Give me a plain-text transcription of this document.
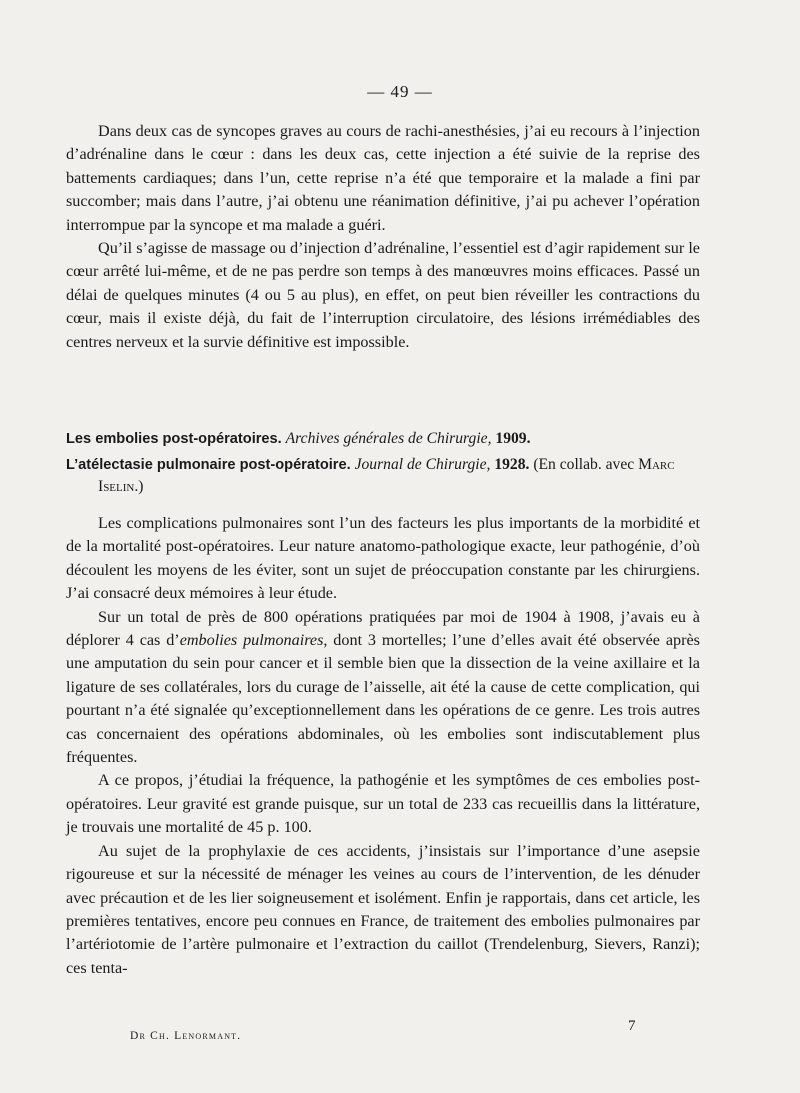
— 49 —

Dans deux cas de syncopes graves au cours de rachi-anesthésies, j’ai eu recours à l’injection d’adrénaline dans le cœur : dans les deux cas, cette injection a été suivie de la reprise des battements cardiaques; dans l’un, cette reprise n’a été que temporaire et la malade a fini par succomber; mais dans l’autre, j’ai obtenu une réanimation définitive, j’ai pu achever l’opération interrompue par la syncope et ma malade a guéri.

Qu’il s’agisse de massage ou d’injection d’adrénaline, l’essentiel est d’agir rapidement sur le cœur arrêté lui-même, et de ne pas perdre son temps à des manœuvres moins efficaces. Passé un délai de quelques minutes (4 ou 5 au plus), en effet, on peut bien réveiller les contractions du cœur, mais il existe déjà, du fait de l’interruption circulatoire, des lésions irrémédiables des centres nerveux et la survie définitive est impossible.

Les embolies post-opératoires. Archives générales de Chirurgie, 1909.
L’atélectasie pulmonaire post-opératoire. Journal de Chirurgie, 1928. (En collab. avec Marc Iselin.)

Les complications pulmonaires sont l’un des facteurs les plus importants de la morbidité et de la mortalité post-opératoires. Leur nature anatomo-pathologique exacte, leur pathogénie, d’où découlent les moyens de les éviter, sont un sujet de préoccupation constante par les chirurgiens. J’ai consacré deux mémoires à leur étude.

Sur un total de près de 800 opérations pratiquées par moi de 1904 à 1908, j’avais eu à déplorer 4 cas d’embolies pulmonaires, dont 3 mortelles; l’une d’elles avait été observée après une amputation du sein pour cancer et il semble bien que la dissection de la veine axillaire et la ligature de ses collatérales, lors du curage de l’aisselle, ait été la cause de cette complication, qui pourtant n’a été signalée qu’exceptionnellement dans les opérations de ce genre. Les trois autres cas concernaient des opérations abdominales, où les embolies sont indiscutablement plus fréquentes.

A ce propos, j’étudiai la fréquence, la pathogénie et les symptômes de ces embolies post-opératoires. Leur gravité est grande puisque, sur un total de 233 cas recueillis dans la littérature, je trouvais une mortalité de 45 p. 100.

Au sujet de la prophylaxie de ces accidents, j’insistais sur l’importance d’une asepsie rigoureuse et sur la nécessité de ménager les veines au cours de l’intervention, de les dénuder avec précaution et de les lier soigneusement et isolément. Enfin je rapportais, dans cet article, les premières tentatives, encore peu connues en France, de traitement des embolies pulmonaires par l’artériotomie de l’artère pulmonaire et l’extraction du caillot (Trendelenburg, Sievers, Ranzi); ces tenta-

Dr Ch. Lenormant.
7
